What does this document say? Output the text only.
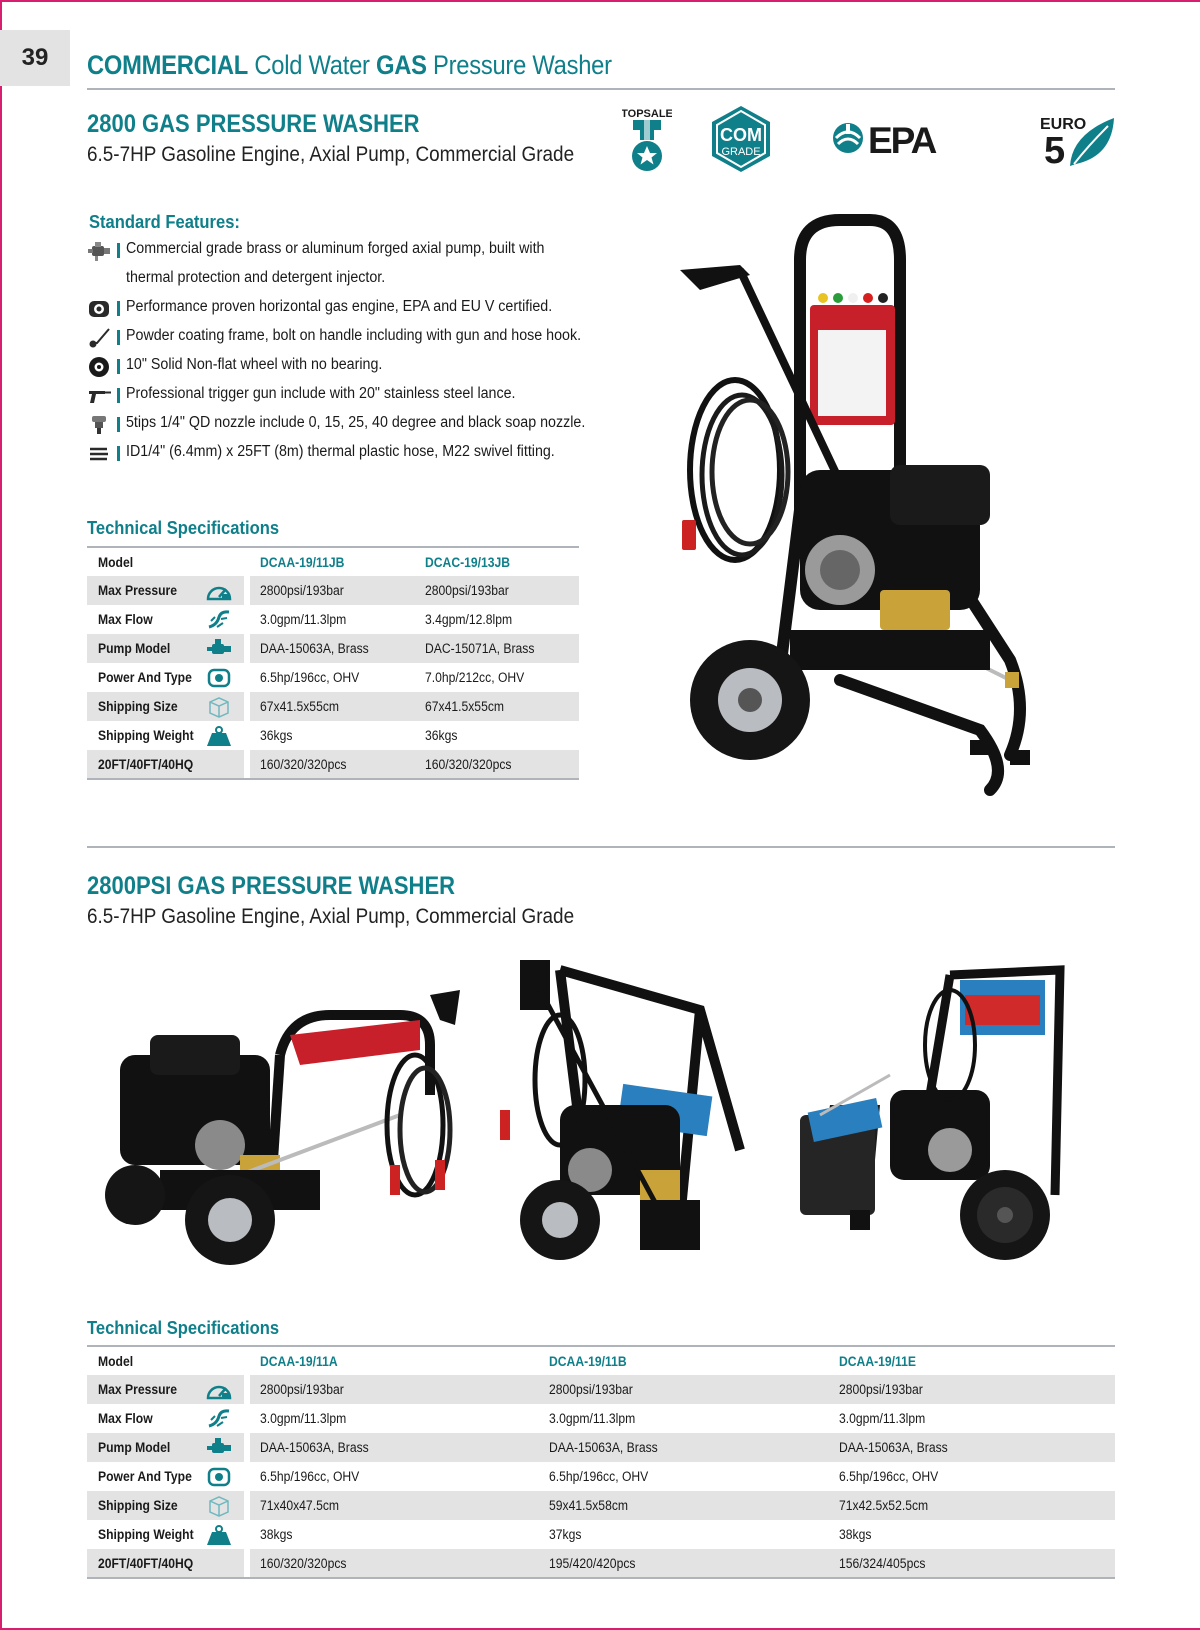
39	COMMERCIAL Cold Water GAS Pressure Washer
2800 GAS PRESSURE WASHER
6.5-7HP Gasoline Engine, Axial Pump, Commercial Grade
TOPSALE
COM
GRADE	EPA	EURO
5
Standard Features:
Commercial grade brass or aluminum forged axial pump, built with thermal protection and detergent injector.
Performance proven horizontal gas engine, EPA and EU V certified.
Powder coating frame, bolt on handle including with gun and hose hook.
10" Solid Non-flat wheel with no bearing.
Professional trigger gun include with 20" stainless steel lance.
5tips 1/4" QD nozzle include 0, 15, 25, 40 degree and black soap nozzle.
ID1/4" (6.4mm) x 25FT (8m) thermal plastic hose, M22 swivel fitting.
Technical Specifications
Model			DCAA-19/11JB	DCAC-19/13JB
Max Pressure			2800psi/193bar	2800psi/193bar
Max Flow			3.0gpm/11.3lpm	3.4gpm/12.8lpm
Pump Model			DAA-15063A, Brass	DAC-15071A, Brass
Power And Type			6.5hp/196cc, OHV	7.0hp/212cc, OHV
Shipping Size			67x41.5x55cm	67x41.5x55cm
Shipping Weight			36kgs	36kgs
20FT/40FT/40HQ			160/320/320pcs	160/320/320pcs
2800PSI GAS PRESSURE WASHER
6.5-7HP Gasoline Engine, Axial Pump, Commercial Grade
Technical Specifications
Model			DCAA-19/11A	DCAA-19/11B	DCAA-19/11E
Max Pressure			2800psi/193bar	2800psi/193bar	2800psi/193bar
Max Flow			3.0gpm/11.3lpm	3.0gpm/11.3lpm	3.0gpm/11.3lpm
Pump Model			DAA-15063A, Brass	DAA-15063A, Brass	DAA-15063A, Brass
Power And Type			6.5hp/196cc, OHV	6.5hp/196cc, OHV	6.5hp/196cc, OHV
Shipping Size			71x40x47.5cm	59x41.5x58cm	71x42.5x52.5cm
Shipping Weight			38kgs	37kgs	38kgs
20FT/40FT/40HQ			160/320/320pcs	195/420/420pcs	156/324/405pcs
